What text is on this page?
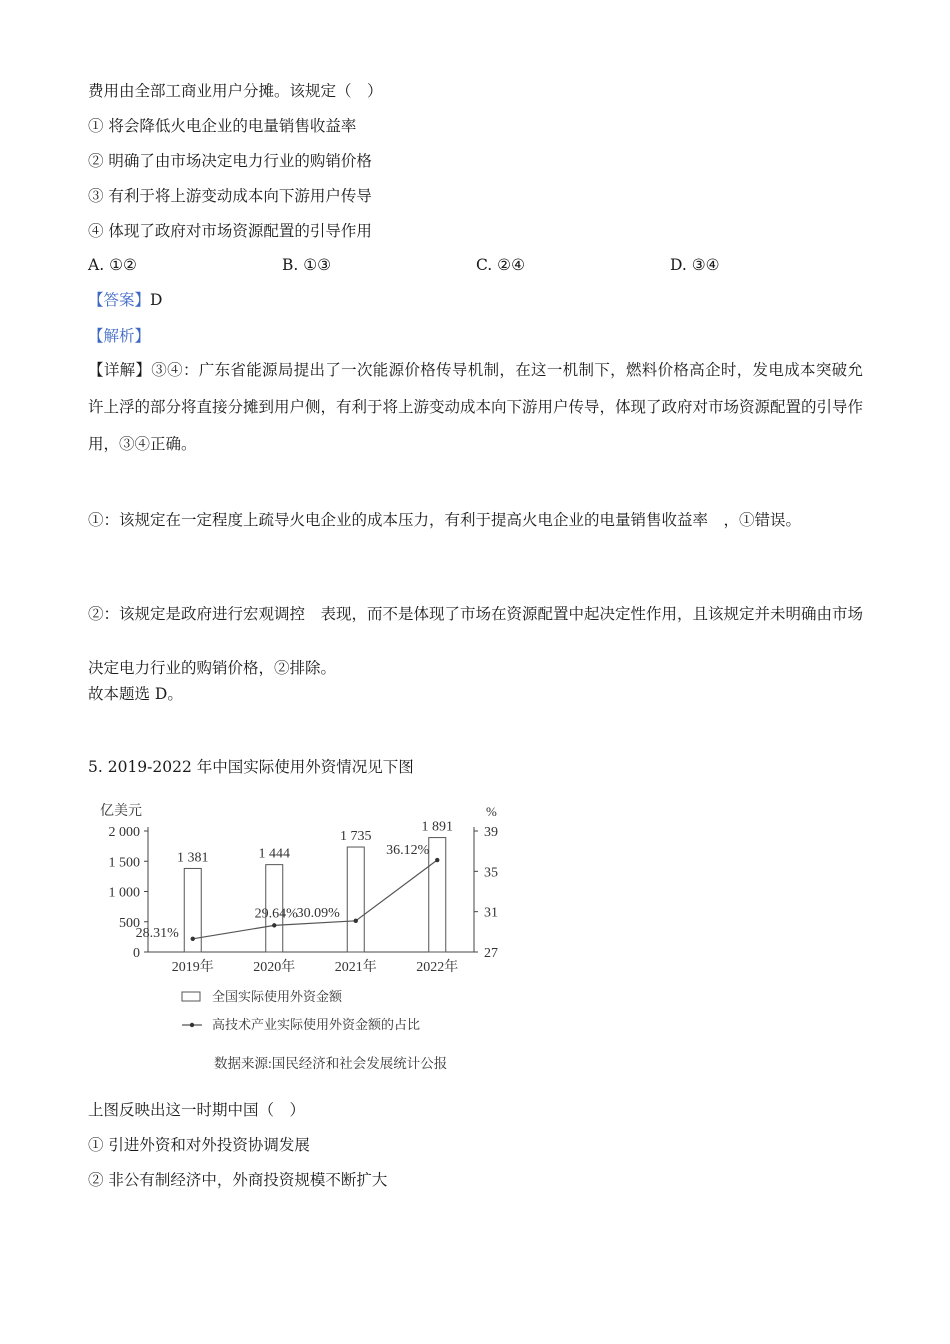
费用由全部工商业用户分摊。该规定（　）
① 将会降低火电企业的电量销售收益率
② 明确了由市场决定电力行业的购销价格
③ 有利于将上游变动成本向下游用户传导
④ 体现了政府对市场资源配置的引导作用
A. ①②	B. ①③	C. ②④	D. ③④
【答案】D
【解析】
【详解】③④：广东省能源局提出了一次能源价格传导机制，在这一机制下，燃料价格高企时，发电成本突破允许上浮的部分将直接分摊到用户侧，有利于将上游变动成本向下游用户传导，体现了政府对市场资源配置的引导作用，③④正确。
①：该规定在一定程度上疏导火电企业的成本压力，有利于提高火电企业的电量销售收益率　，①错误。
②：该规定是政府进行宏观调控　表现，而不是体现了市场在资源配置中起决定性作用，且该规定并未明确由市场决定电力行业的购销价格，②排除。
故本题选 D。
5. 2019-2022 年中国实际使用外资情况见下图
亿美元	%
0
500
1 000
1 500
2 000
27
31
35
39
1 381	1 444
1 735
1 891
28.31%
29.64%
30.09%
36.12%
2019年	2020年	2021年	2022年
全国实际使用外资金额
高技术产业实际使用外资金额的占比
数据来源:国民经济和社会发展统计公报
上图反映出这一时期中国（　）
① 引进外资和对外投资协调发展
② 非公有制经济中，外商投资规模不断扩大
